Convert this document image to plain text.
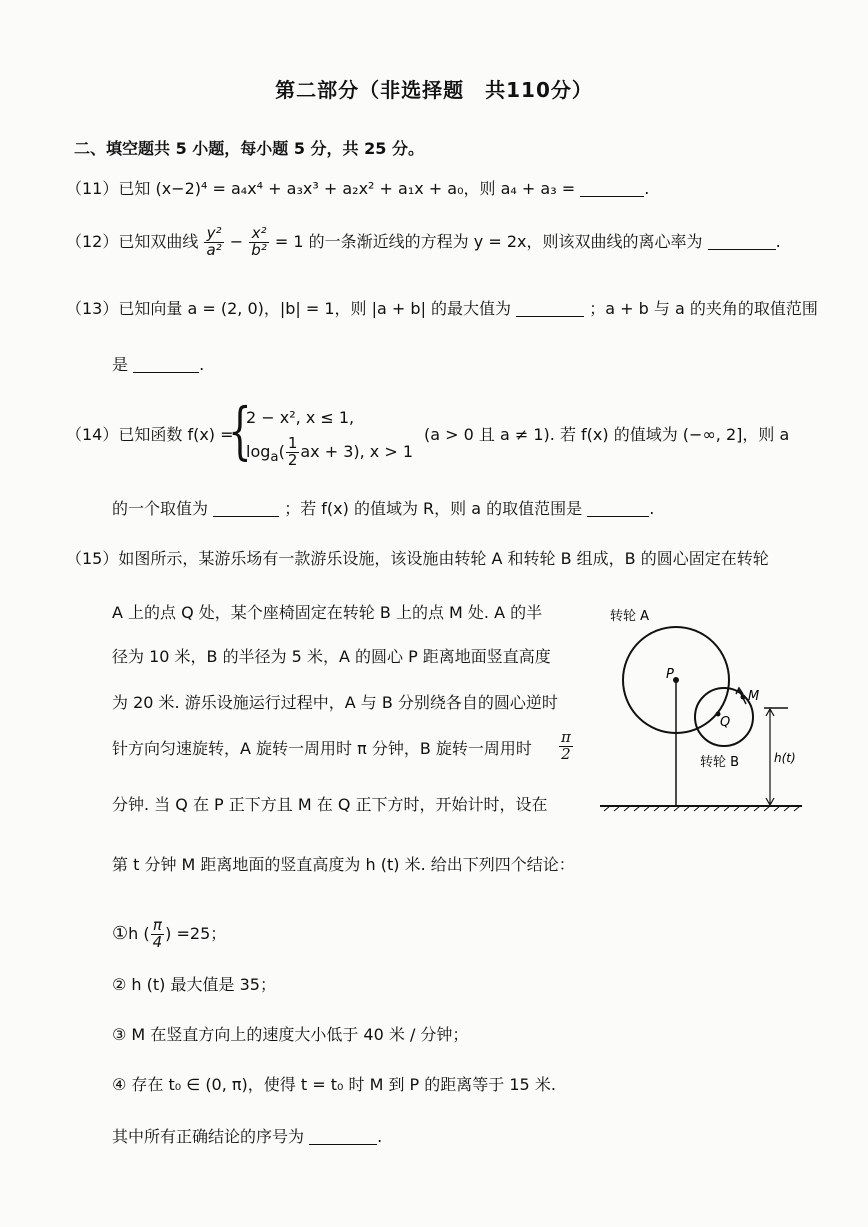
第二部分（非选择题　共110分）
二、填空题共 5 小题，每小题 5 分，共 25 分。
（11）已知 (x−2)⁴ = a₄x⁴ + a₃x³ + a₂x² + a₁x + a₀，则 a₄ + a₃ =	.
（12）已知双曲线 $\frac{\text{y²}}{\text{a²}} - \frac{\text{x²}}{\text{b²}} = 1$ 的一条渐近线的方程为 y = 2x，则该双曲线的离心率为	.
（13）已知向量 a = (2, 0)，|b| = 1，则 |a + b| 的最大值为	；a + b 与 a 的夹角的取值范围
是	.
（14）已知函数 f(x) =
{
2 − x², x ≤ 1,
$\log_a( \frac{1}{2}$ ax + 3), x > 1
(a > 0 且 a ≠ 1). 若 f(x) 的值域为 (−∞, 2]，则 a
的一个取值为	；若 f(x) 的值域为 R，则 a 的取值范围是	.
（15）如图所示，某游乐场有一款游乐设施，该设施由转轮 A 和转轮 B 组成，B 的圆心固定在转轮
A 上的点 Q 处，某个座椅固定在转轮 B 上的点 M 处. A 的半
径为 10 米，B 的半径为 5 米，A 的圆心 P 距离地面竖直高度
为 20 米. 游乐设施运行过程中，A 与 B 分别绕各自的圆心逆时
针方向匀速旋转，A 旋转一周用时 π 分钟，B 旋转一周用时 $\frac{\pi}{2}$
分钟. 当 Q 在 P 正下方且 M 在 Q 正下方时，开始计时，设在
第 t 分钟 M 距离地面的竖直高度为 h (t) 米. 给出下列四个结论：
①h ( $\frac{\pi}{4}$ ) =25；
② h (t) 最大值是 35；
③ M 在竖直方向上的速度大小低于 40 米 / 分钟；
④ 存在 t₀ ∈ (0, π)，使得 t = t₀ 时 M 到 P 的距离等于 15 米.
其中所有正确结论的序号为	.
转轮 A
P
Q
M
转轮 B	h(t)
